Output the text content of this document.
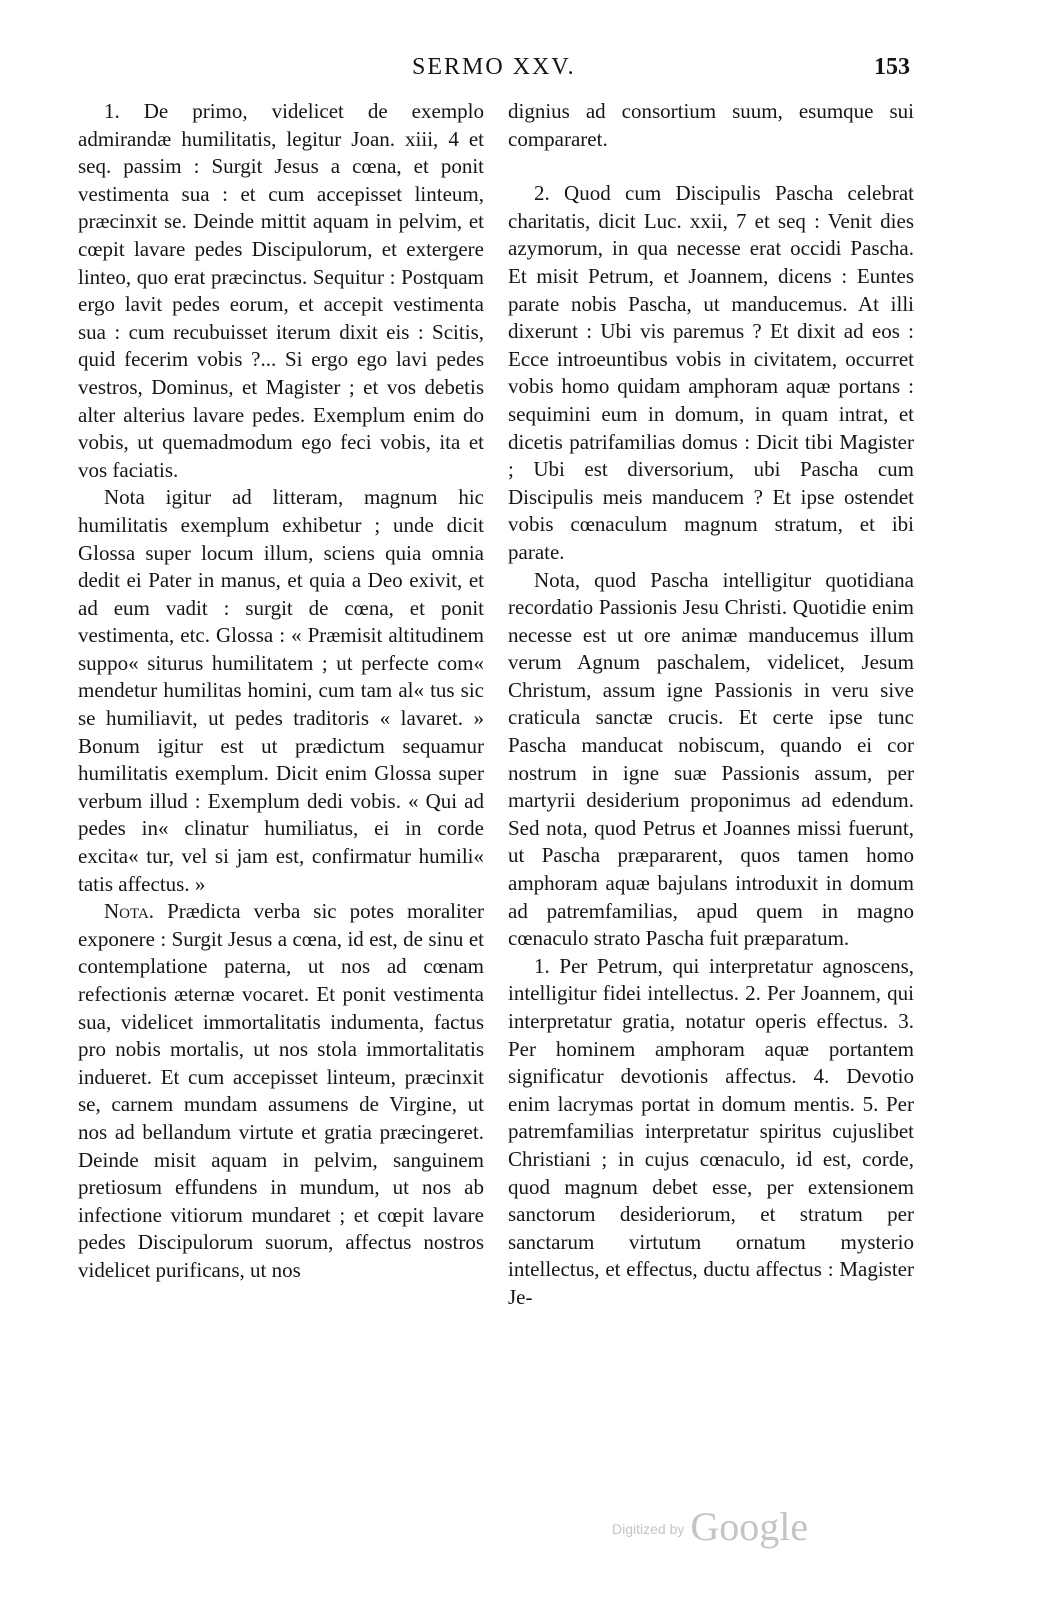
SERMO XXV.	153

1. De primo, videlicet de exemplo admirandæ humilitatis, legitur Joan. xiii, 4 et seq. passim : Surgit Jesus a cœna, et ponit vestimenta sua : et cum accepisset linteum, præcinxit se. Deinde mittit aquam in pelvim, et cœpit lavare pedes Discipulorum, et extergere linteo, quo erat præcinctus. Sequitur : Postquam ergo lavit pedes eorum, et accepit vestimenta sua : cum recubuisset iterum dixit eis : Scitis, quid fecerim vobis ?... Si ergo ego lavi pedes vestros, Dominus, et Magister ; et vos debetis alter alterius lavare pedes. Exemplum enim do vobis, ut quemadmodum ego feci vobis, ita et vos faciatis.

Nota igitur ad litteram, magnum hic humilitatis exemplum exhibetur ; unde dicit Glossa super locum illum, sciens quia omnia dedit ei Pater in manus, et quia a Deo exivit, et ad eum vadit : surgit de cœna, et ponit vestimenta, etc. Glossa : « Præmisit altitudinem suppo« siturus humilitatem ; ut perfecte com« mendetur humilitas homini, cum tam al« tus sic se humiliavit, ut pedes traditoris « lavaret. » Bonum igitur est ut prædictum sequamur humilitatis exemplum. Dicit enim Glossa super verbum illud : Exemplum dedi vobis. « Qui ad pedes in« clinatur humiliatus, ei in corde excita« tur, vel si jam est, confirmatur humili« tatis affectus. »

Nota. Prædicta verba sic potes moraliter exponere : Surgit Jesus a cœna, id est, de sinu et contemplatione paterna, ut nos ad cœnam refectionis æternæ vocaret. Et ponit vestimenta sua, videlicet immortalitatis indumenta, factus pro nobis mortalis, ut nos stola immortalitatis indueret. Et cum accepisset linteum, præcinxit se, carnem mundam assumens de Virgine, ut nos ad bellandum virtute et gratia præcingeret. Deinde misit aquam in pelvim, sanguinem pretiosum effundens in mundum, ut nos ab infectione vitiorum mundaret ; et cœpit lavare pedes Discipulorum suorum, affectus nostros videlicet purificans, ut nos

dignius ad consortium suum, esumque sui compararet.

2. Quod cum Discipulis Pascha celebrat charitatis, dicit Luc. xxii, 7 et seq : Venit dies azymorum, in qua necesse erat occidi Pascha. Et misit Petrum, et Joannem, dicens : Euntes parate nobis Pascha, ut manducemus. At illi dixerunt : Ubi vis paremus ? Et dixit ad eos : Ecce introeuntibus vobis in civitatem, occurret vobis homo quidam amphoram aquæ portans : sequimini eum in domum, in quam intrat, et dicetis patrifamilias domus : Dicit tibi Magister ; Ubi est diversorium, ubi Pascha cum Discipulis meis manducem ? Et ipse ostendet vobis cœnaculum magnum stratum, et ibi parate.

Nota, quod Pascha intelligitur quotidiana recordatio Passionis Jesu Christi. Quotidie enim necesse est ut ore animæ manducemus illum verum Agnum paschalem, videlicet, Jesum Christum, assum igne Passionis in veru sive craticula sanctæ crucis. Et certe ipse tunc Pascha manducat nobiscum, quando ei cor nostrum in igne suæ Passionis assum, per martyrii desiderium proponimus ad edendum. Sed nota, quod Petrus et Joannes missi fuerunt, ut Pascha præpararent, quos tamen homo amphoram aquæ bajulans introduxit in domum ad patremfamilias, apud quem in magno cœnaculo strato Pascha fuit præparatum.

1. Per Petrum, qui interpretatur agnoscens, intelligitur fidei intellectus. 2. Per Joannem, qui interpretatur gratia, notatur operis effectus. 3. Per hominem amphoram aquæ portantem significatur devotionis affectus. 4. Devotio enim lacrymas portat in domum mentis. 5. Per patremfamilias interpretatur spiritus cujuslibet Christiani ; in cujus cœnaculo, id est, corde, quod magnum debet esse, per extensionem sanctorum desideriorum, et stratum per sanctarum virtutum ornatum mysterio intellectus, et effectus, ductu affectus : Magister Je-

Digitized by Google
